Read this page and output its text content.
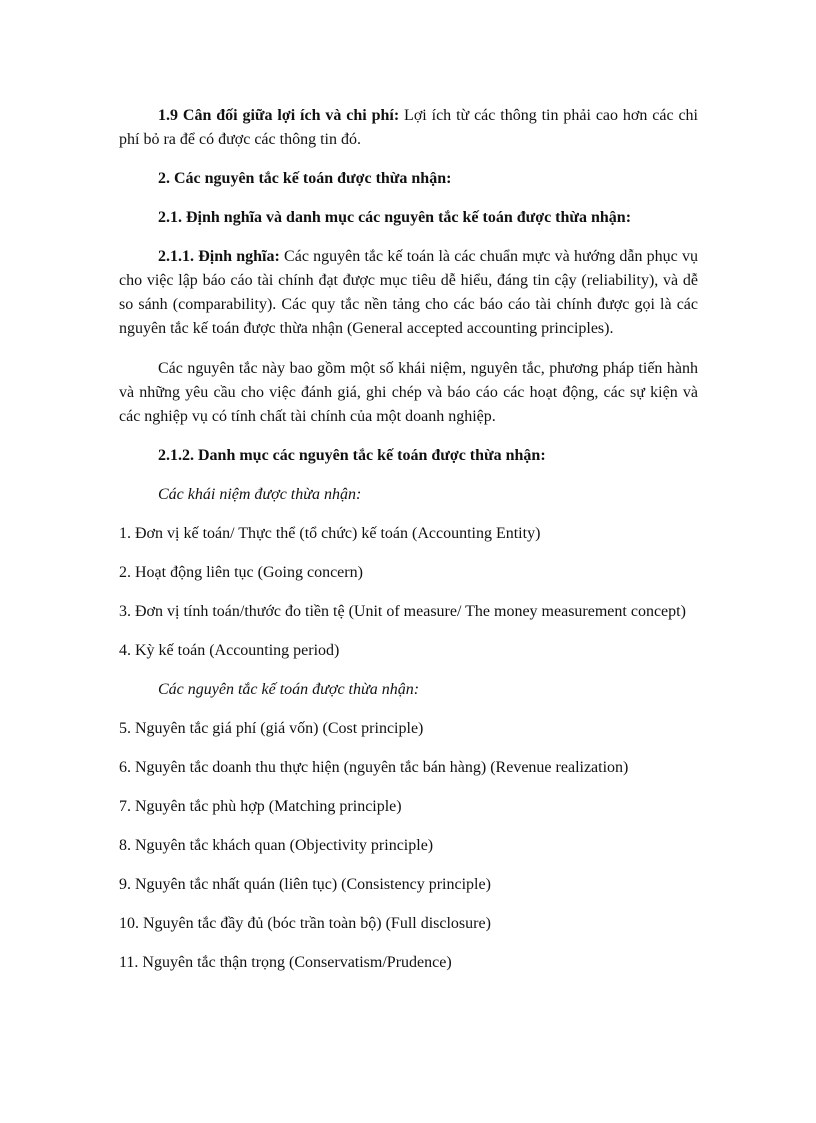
1.9 Cân đối giữa lợi ích và chi phí: Lợi ích từ các thông tin phải cao hơn các chi phí bỏ ra để có được các thông tin đó.

2. Các nguyên tắc kế toán được thừa nhận:

2.1. Định nghĩa và danh mục các nguyên tắc kế toán được thừa nhận:

2.1.1. Định nghĩa: Các nguyên tắc kế toán là các chuẩn mực và hướng dẫn phục vụ cho việc lập báo cáo tài chính đạt được mục tiêu dễ hiểu, đáng tin cậy (reliability), và dễ so sánh (comparability). Các quy tắc nền tảng cho các báo cáo tài chính được gọi là các nguyên tắc kế toán được thừa nhận (General accepted accounting principles).

Các nguyên tắc này bao gồm một số khái niệm, nguyên tắc, phương pháp tiến hành và những yêu cầu cho việc đánh giá, ghi chép và báo cáo các hoạt động, các sự kiện và các nghiệp vụ có tính chất tài chính của một doanh nghiệp.

2.1.2. Danh mục các nguyên tắc kế toán được thừa nhận:

Các khái niệm được thừa nhận:

1. Đơn vị kế toán/ Thực thể (tổ chức) kế toán (Accounting Entity)

2. Hoạt động liên tục (Going concern)

3. Đơn vị tính toán/thước đo tiền tệ (Unit of measure/ The money measurement concept)

4. Kỳ kế toán (Accounting period)

Các nguyên tắc kế toán được thừa nhận:

5. Nguyên tắc giá phí (giá vốn) (Cost principle)

6. Nguyên tắc doanh thu thực hiện (nguyên tắc bán hàng) (Revenue realization)

7. Nguyên tắc phù hợp (Matching principle)

8. Nguyên tắc khách quan (Objectivity principle)

9. Nguyên tắc nhất quán (liên tục) (Consistency principle)

10. Nguyên tắc đầy đủ (bóc trần toàn bộ) (Full disclosure)

11. Nguyên tắc thận trọng (Conservatism/Prudence)
